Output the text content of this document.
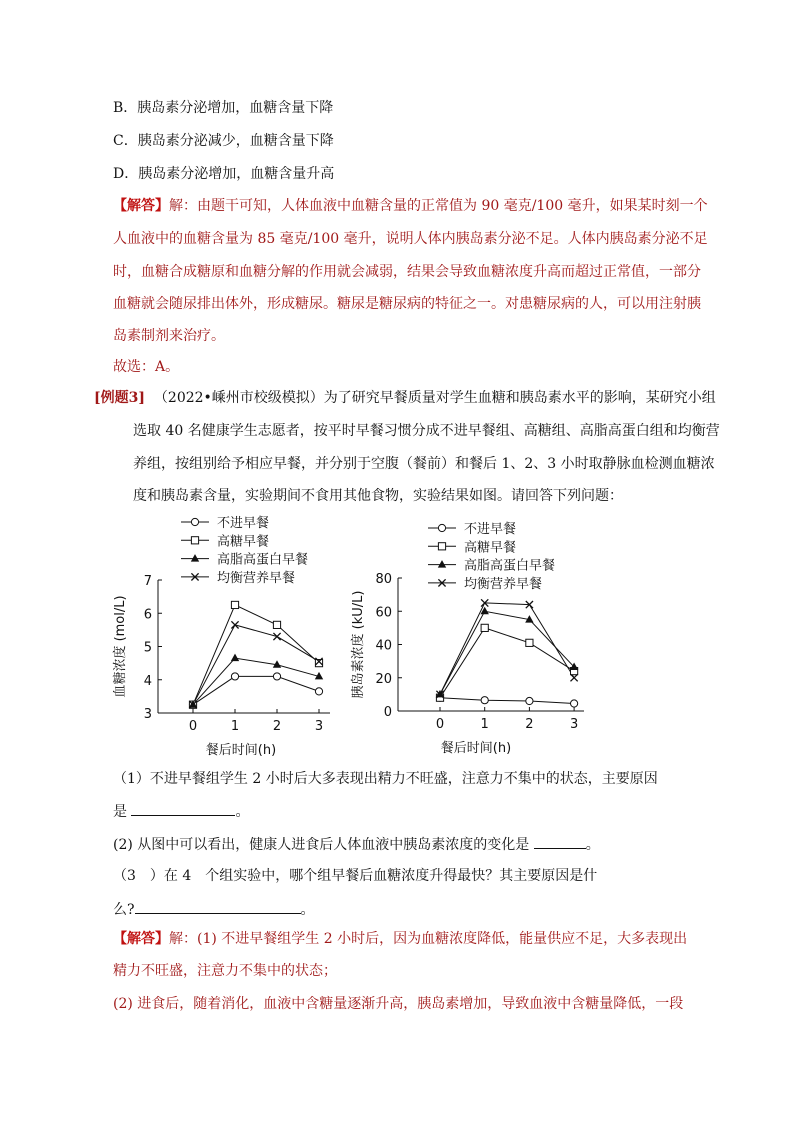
B．胰岛素分泌增加，血糖含量下降
C．胰岛素分泌减少，血糖含量下降
D．胰岛素分泌增加，血糖含量升高
【解答】解：由题干可知，人体血液中血糖含量的正常值为 90 毫克/100 毫升，如果某时刻一个
人血液中的血糖含量为 85 毫克/100 毫升，说明人体内胰岛素分泌不足。人体内胰岛素分泌不足
时，血糖合成糖原和血糖分解的作用就会减弱，结果会导致血糖浓度升高而超过正常值，一部分
血糖就会随尿排出体外，形成糖尿。糖尿是糖尿病的特征之一。对患糖尿病的人，可以用注射胰
岛素制剂来治疗。
故选：A。
[例题3] （2022•嵊州市校级模拟）为了研究早餐质量对学生血糖和胰岛素水平的影响，某研究小组
选取 40 名健康学生志愿者，按平时早餐习惯分成不进早餐组、高糖组、高脂高蛋白组和均衡营
养组，按组别给予相应早餐，并分别于空腹（餐前）和餐后 1、2、3 小时取静脉血检测血糖浓
度和胰岛素含量，实验期间不食用其他食物，实验结果如图。请回答下列问题：
不进早餐
高糖早餐
高脂高蛋白早餐
均衡营养早餐
3
4
5
6
7
0	1	2	3
血糖浓度 (mol/L)
餐后时间(h)
不进早餐
高糖早餐
高脂高蛋白早餐
均衡营养早餐
0
20
40
60
80
0	1	2	3
胰岛素浓度 (kU/L)
餐后时间(h)
（1）不进早餐组学生 2 小时后大多表现出精力不旺盛，注意力不集中的状态，主要原因
是	。
(2) 从图中可以看出，健康人进食后人体血液中胰岛素浓度的变化是	。
（3　）在 4　个组实验中，哪个组早餐后血糖浓度升得最快？其主要原因是什
么?	。
【解答】解：(1) 不进早餐组学生 2 小时后，因为血糖浓度降低，能量供应不足，大多表现出
精力不旺盛，注意力不集中的状态；
(2) 进食后，随着消化，血液中含糖量逐渐升高，胰岛素增加，导致血液中含糖量降低，一段
